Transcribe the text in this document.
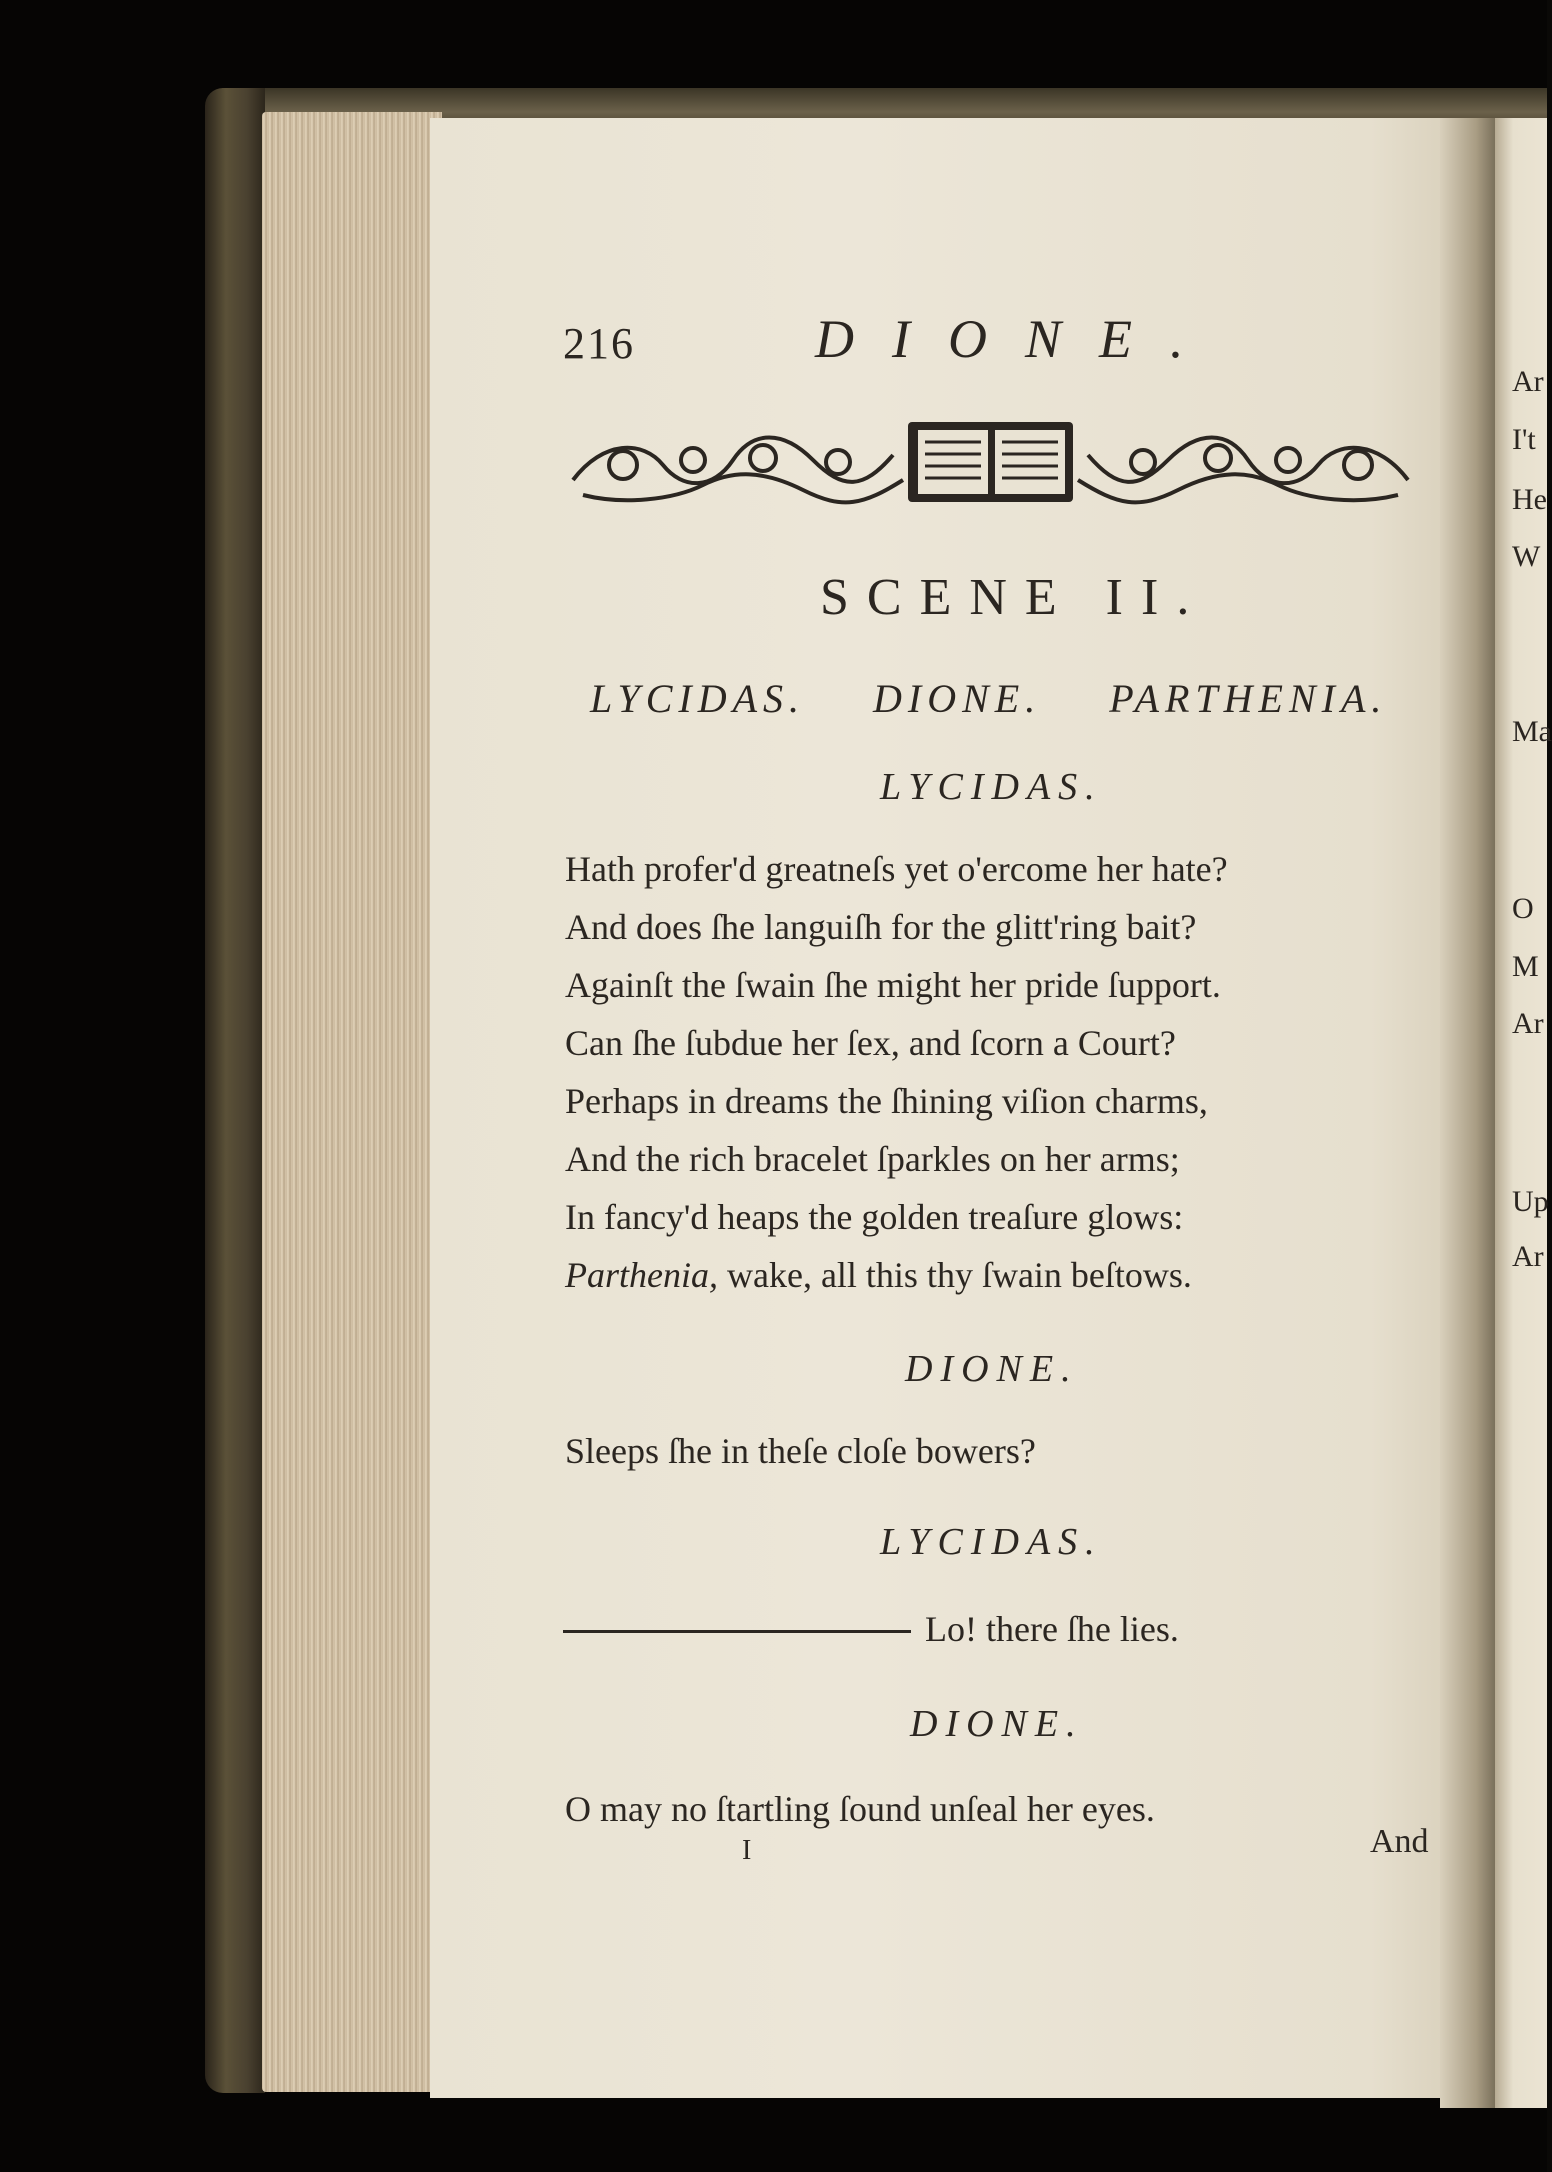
Ar
I't
He
W
Ma
O
M
Ar
Up
Ar
216	DIONE.
SCENE II.
LYCIDAS. DIONE. PARTHENIA.
LYCIDAS.
Hath profer'd greatneſs yet o'ercome her hate?
And does ſhe languiſh for the glitt'ring bait?
Againſt the ſwain ſhe might her pride ſupport.
Can ſhe ſubdue her ſex, and ſcorn a Court?
Perhaps in dreams the ſhining viſion charms,
And the rich bracelet ſparkles on her arms;
In fancy'd heaps the golden treaſure glows:
Parthenia, wake, all this thy ſwain beſtows.
DIONE.
Sleeps ſhe in theſe cloſe bowers?
LYCIDAS.
Lo! there ſhe lies.
DIONE.
O may no ſtartling ſound unſeal her eyes.
I	And
